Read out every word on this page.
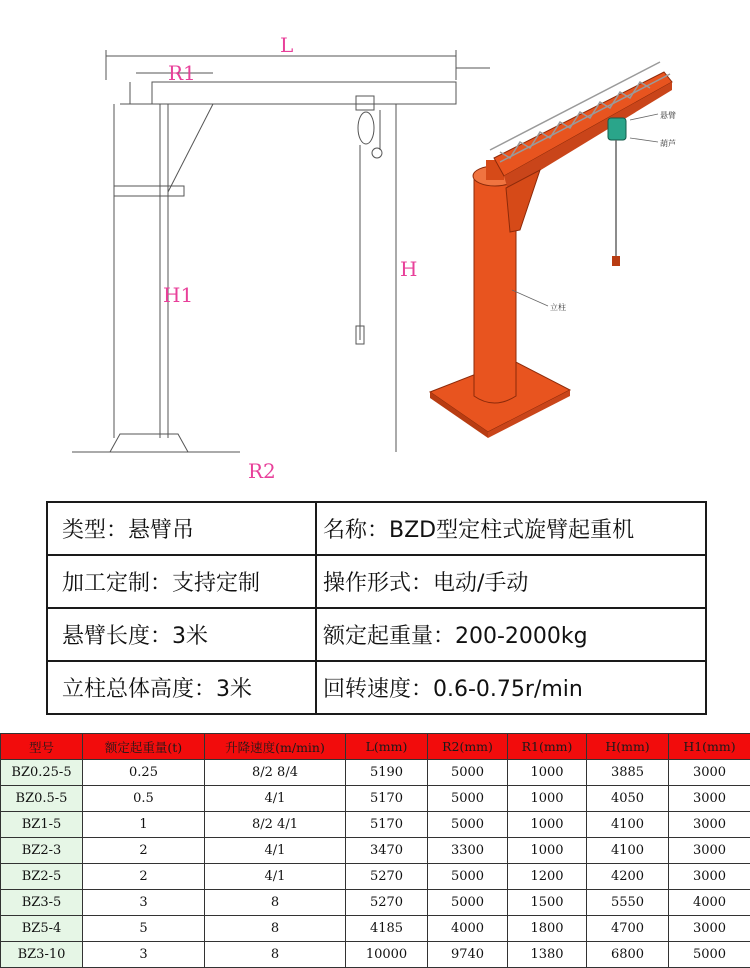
L
R1
H
H1
R2
悬臂
葫芦
立柱
类型：悬臂吊	名称：BZD型定柱式旋臂起重机
加工定制：支持定制	操作形式：电动/手动
悬臂长度：3米	额定起重量：200-2000kg
立柱总体高度：3米	回转速度：0.6-0.75r/min
型号	额定起重量(t)	升降速度(m/min)	L(mm)	R2(mm)	R1(mm)	H(mm)	H1(mm)
BZ0.25-5	0.25	8/2 8/4	5190	5000	1000	3885	3000
BZ0.5-5	0.5	4/1	5170	5000	1000	4050	3000
BZ1-5	1	8/2 4/1	5170	5000	1000	4100	3000
BZ2-3	2	4/1	3470	3300	1000	4100	3000
BZ2-5	2	4/1	5270	5000	1200	4200	3000
BZ3-5	3	8	5270	5000	1500	5550	4000
BZ5-4	5	8	4185	4000	1800	4700	3000
BZ3-10	3	8	10000	9740	1380	6800	5000
